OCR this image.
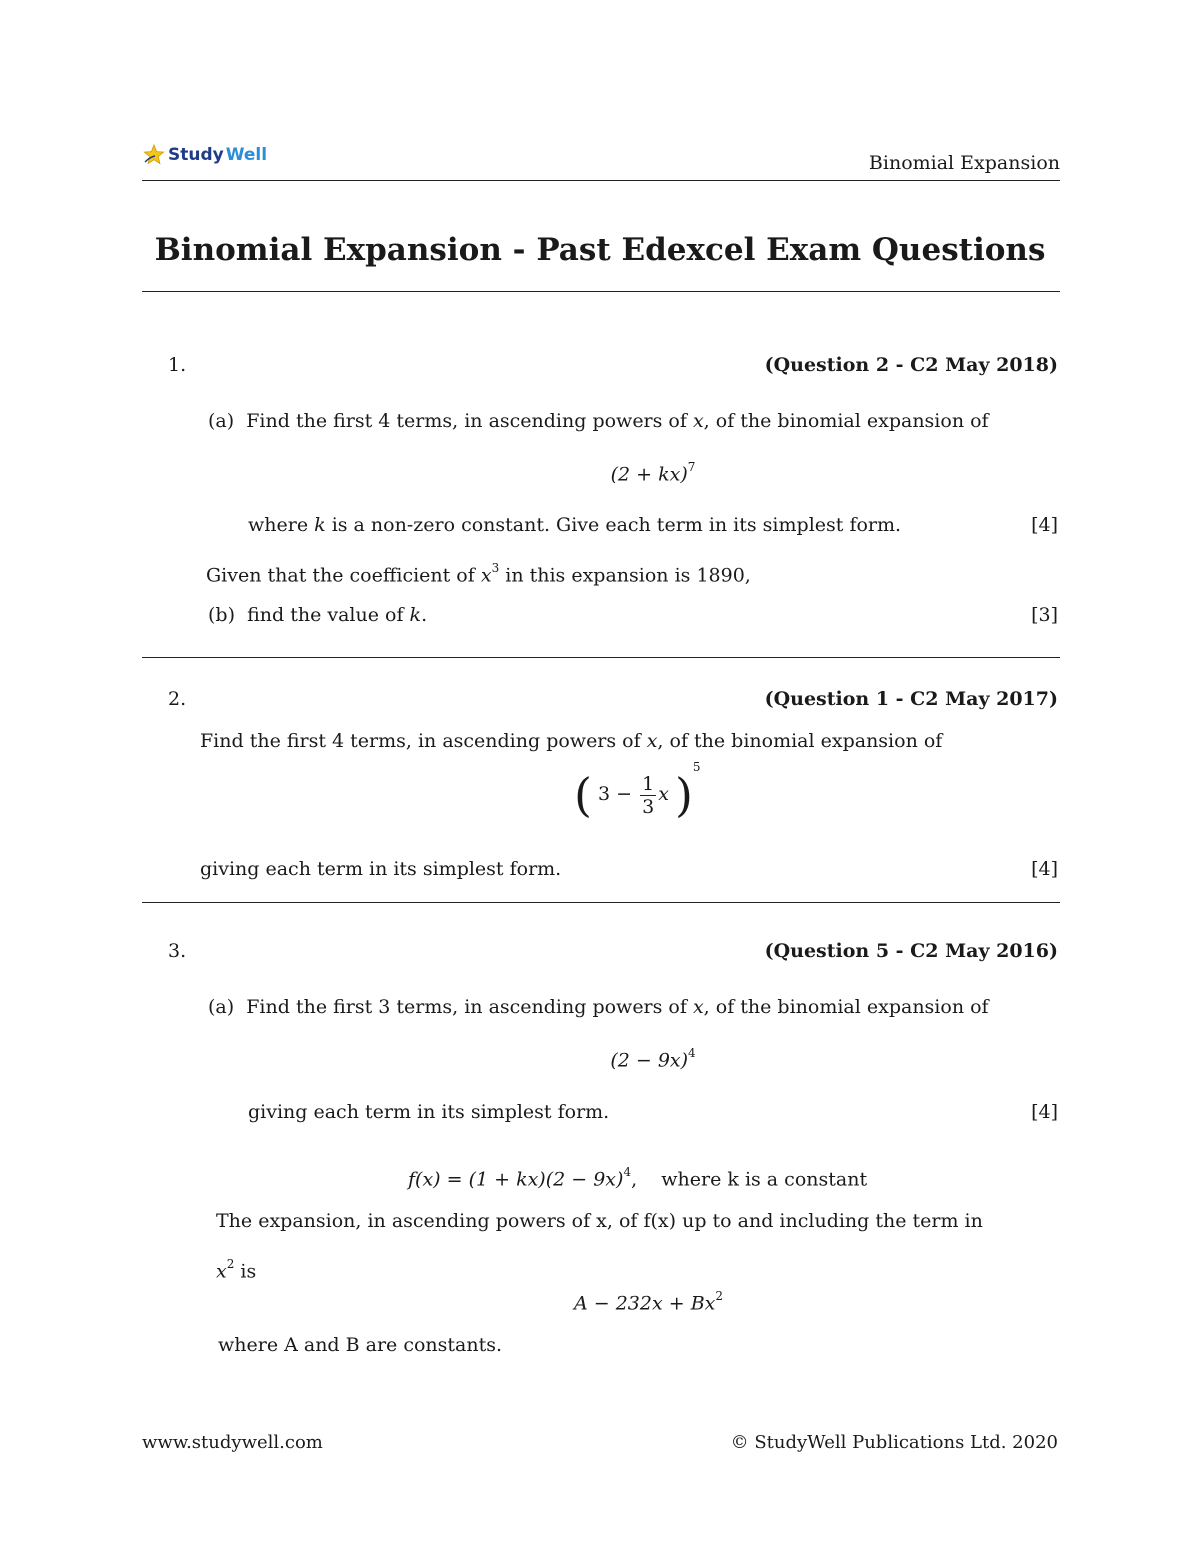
Study Well	Binomial Expansion
Binomial Expansion - Past Edexcel Exam Questions
1.	(Question 2 - C2 May 2018)
(a) Find the first 4 terms, in ascending powers of x, of the binomial expansion of
(2 + kx)$^7$
where k is a non-zero constant. Give each term in its simplest form.	[4]
Given that the coefficient of $x^3$ in this expansion is 1890,
(b) find the value of k.	[3]
2.	(Question 1 - C2 May 2017)
Find the first 4 terms, in ascending powers of x, of the binomial expansion of
( $3 - \frac{1}{3}$ x )$^5$
giving each term in its simplest form.	[4]
3.	(Question 5 - C2 May 2016)
(a) Find the first 3 terms, in ascending powers of x, of the binomial expansion of
$(2 - 9x)^4$
giving each term in its simplest form.	[4]
$f(x) = (1 + kx)(2 - 9x)^4$,    where k is a constant
The expansion, in ascending powers of x, of f(x) up to and including the term in
$x^2$ is
$A - 232x + Bx^2$
where A and B are constants.
www.studywell.com	© StudyWell Publications Ltd. 2020
